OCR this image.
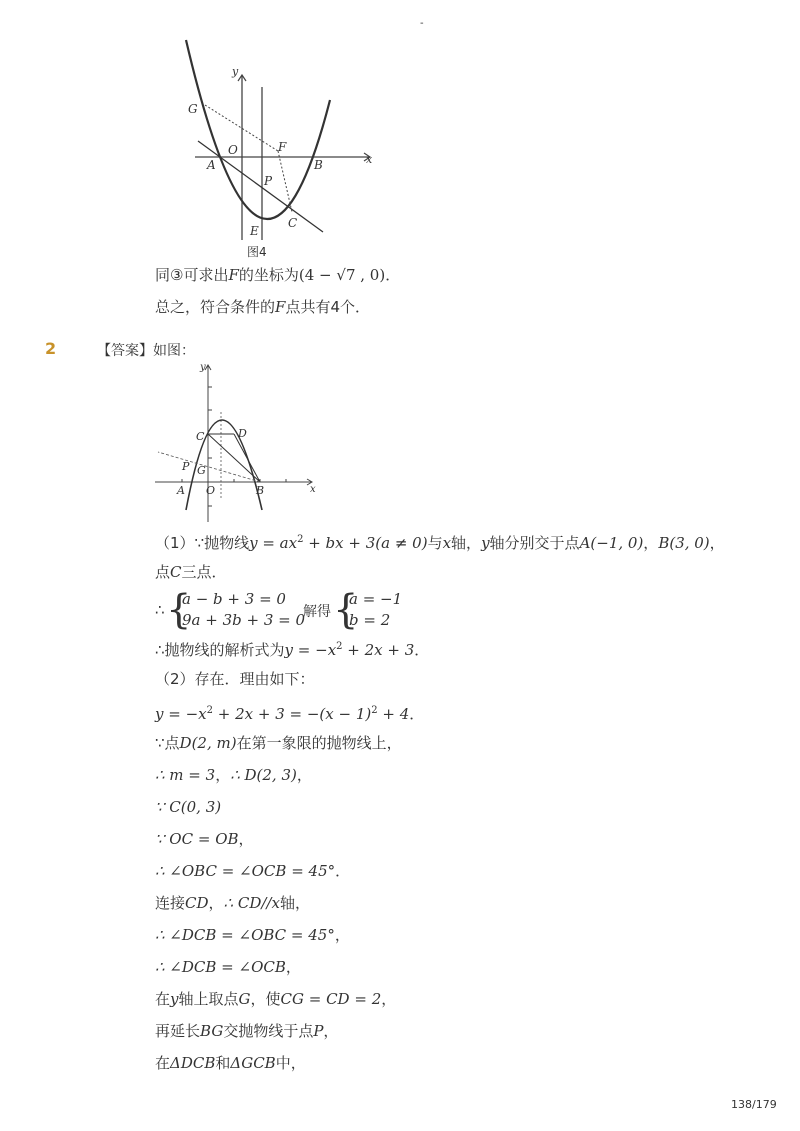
-
G
y
x
O	F
A	B
P
C
E
图4
同③可求出F的坐标为(4 − √7 , 0)．
总之，符合条件的F点共有4个．
2	【答案】如图：
y
x
C	D
P G
A O	B
（1）∵抛物线$y = ax^2$ + bx + 3(a ≠ 0)与x轴，y轴分别交于点A(−1, 0)，B(3, 0)，
点C三点．
∴ {
a − b + 3 = 0
9a + 3b + 3 = 0
解得 {
a = −1
b = 2
∴抛物线的解析式为$y = -x^2 + 2x + 3$．
（2）存在．理由如下：
$y = -x^2 + 2x + 3 = -(x - 1)^2 + 4$．
∵点D(2, m)在第一象限的抛物线上，
∴ m = 3，∴ D(2, 3)，
∵ C(0, 3)
∵ OC = OB，
∴ ∠OBC = ∠OCB = 45°．
连接CD，∴ CD//x轴，
∴ ∠DCB = ∠OBC = 45°，
∴ ∠DCB = ∠OCB，
在y轴上取点G，使CG = CD = 2，
再延长BG交抛物线于点P，
在ΔDCB和ΔGCB中，
138/179
